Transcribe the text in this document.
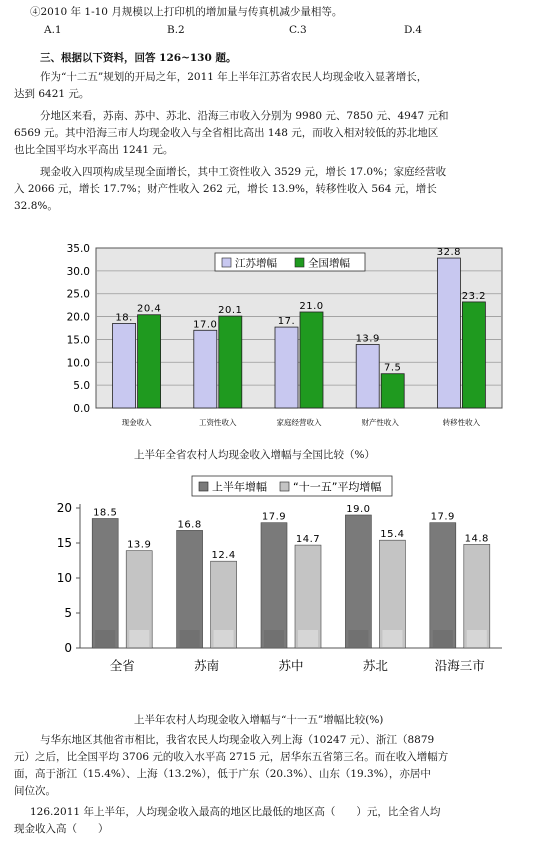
④2010 年 1-10 月规模以上打印机的增加量与传真机减少量相等。
A.1	B.2	C.3	D.4
三、根据以下资料，回答 126~130 题。
作为“十二五”规划的开局之年，2011 年上半年江苏省农民人均现金收入显著增长，
达到 6421 元。
分地区来看，苏南、苏中、苏北、沿海三市收入分别为 9980 元、7850 元、4947 元和
6569 元。其中沿海三市人均现金收入与全省相比高出 148 元，而收入相对较低的苏北地区
也比全国平均水平高出 1241 元。
现金收入四项构成呈现全面增长，其中工资性收入 3529 元，增长 17.0%；家庭经营收
入 2066 元，增长 17.7%；财产性收入 262 元，增长 13.9%，转移性收入 564 元，增长
32.8%。
0.0
5.0
10.0
15.0
20.0
25.0
30.0
35.0
18.
20.4
现金收入
17.0
20.1
工资性收入
17.
21.0
家庭经营收入
13.9
7.5
财产性收入
32.8
23.2
转移性收入
江苏增幅	全国增幅
上半年全省农村人均现金收入增幅与全国比较（%）
0
5
10
15
20 18.5
13.9
全省
16.8
12.4
苏南
17.9
14.7
苏中
19.0
15.4
苏北
17.9
14.8
沿海三市
上半年增幅 “十一五”平均增幅
上半年农村人均现金收入增幅与“十一五”增幅比较(%)
与华东地区其他省市相比，我省农民人均现金收入列上海（10247 元）、浙江（8879
元）之后，比全国平均 3706 元的收入水平高 2715 元，居华东五省第三名。而在收入增幅方
面，高于浙江（15.4%）、上海（13.2%），低于广东（20.3%）、山东（19.3%），亦居中
间位次。
126.2011 年上半年，人均现金收入最高的地区比最低的地区高（　　）元，比全省人均
现金收入高（　　）
